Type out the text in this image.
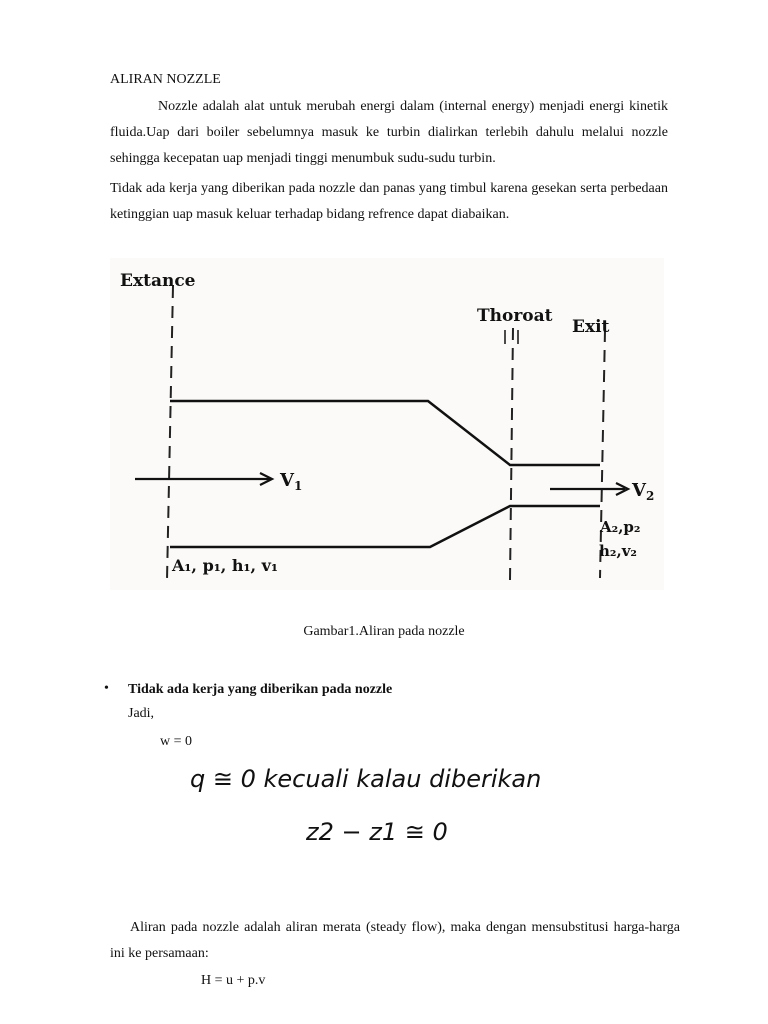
ALIRAN NOZZLE
Nozzle adalah alat untuk merubah energi dalam (internal energy) menjadi energi kinetik fluida.Uap dari boiler sebelumnya masuk ke turbin dialirkan terlebih dahulu melalui nozzle sehingga kecepatan uap menjadi tinggi menumbuk sudu-sudu turbin.
Tidak ada kerja yang diberikan pada nozzle dan panas yang timbul karena gesekan serta perbedaan ketinggian uap masuk keluar terhadap bidang refrence dapat diabaikan.
Extance
Thoroat
Exit
$V_1$	$V_2$
A₁, p₁, h₁, v₁
A₂,p₂
h₂,v₂
Gambar1.Aliran pada nozzle
• Tidak ada kerja yang diberikan pada nozzle
Jadi,
w = 0
q ≅ 0 kecuali kalau diberikan
z2 − z1 ≅ 0
Aliran pada nozzle adalah aliran merata (steady flow), maka dengan mensubstitusi harga-harga ini ke persamaan:
H = u + p.v
